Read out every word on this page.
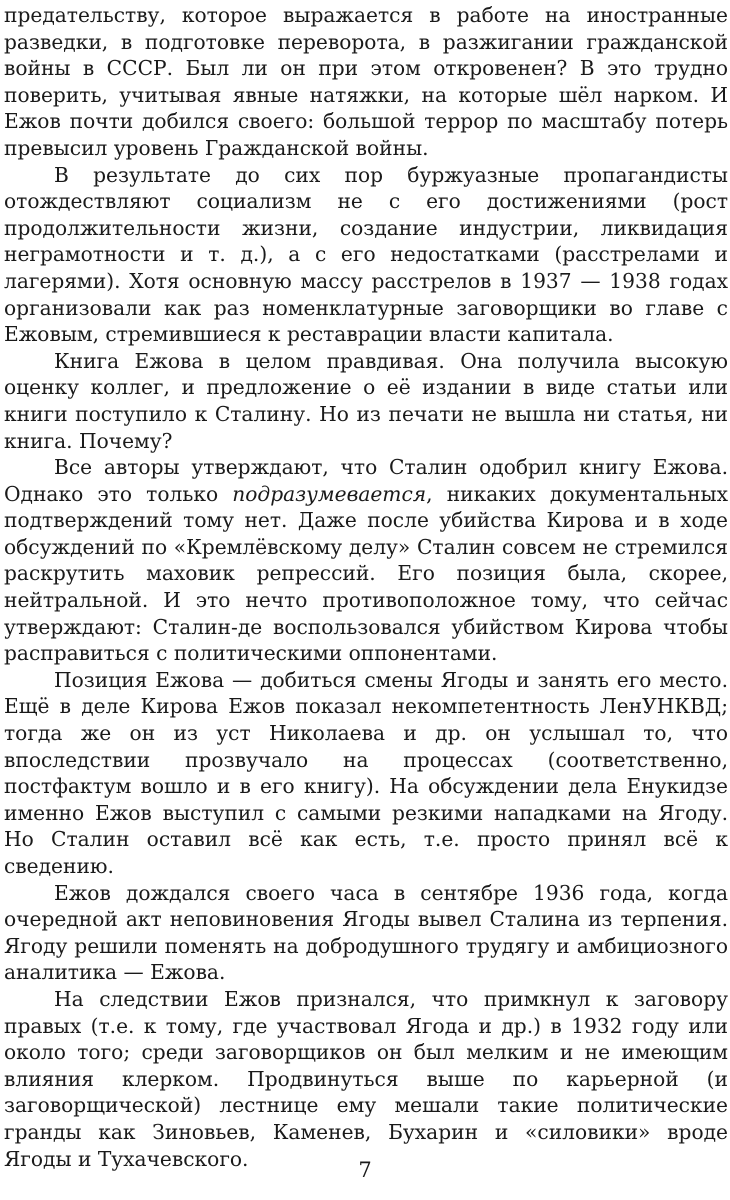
предательству, которое выражается в работе на иностранные разведки, в подготовке переворота, в разжигании гражданской войны в СССР. Был ли он при этом откровенен? В это трудно поверить, учитывая явные натяжки, на которые шёл нарком. И Ежов почти добился своего: большой террор по масштабу потерь превысил уровень Гражданской войны.

В результате до сих пор буржуазные пропагандисты отождествляют социализм не с его достижениями (рост продолжительности жизни, создание индустрии, ликвидация неграмотности и т. д.), а с его недостатками (расстрелами и лагерями). Хотя основную массу расстрелов в 1937 — 1938 годах организовали как раз номенклатурные заговорщики во главе с Ежовым, стремившиеся к реставрации власти капитала.

Книга Ежова в целом правдивая. Она получила высокую оценку коллег, и предложение о её издании в виде статьи или книги поступило к Сталину. Но из печати не вышла ни статья, ни книга. Почему?

Все авторы утверждают, что Сталин одобрил книгу Ежова. Однако это только подразумевается, никаких документальных подтверждений тому нет. Даже после убийства Кирова и в ходе обсуждений по «Кремлёвскому делу» Сталин совсем не стремился раскрутить маховик репрессий. Его позиция была, скорее, нейтральной. И это нечто противоположное тому, что сейчас утверждают: Сталин-де воспользовался убийством Кирова чтобы расправиться с политическими оппонентами.

Позиция Ежова — добиться смены Ягоды и занять его место. Ещё в деле Кирова Ежов показал некомпетентность ЛенУНКВД; тогда же он из уст Николаева и др. он услышал то, что впоследствии прозвучало на процессах (соответственно, постфактум вошло и в его книгу). На обсуждении дела Енукидзе именно Ежов выступил с самыми резкими нападками на Ягоду. Но Сталин оставил всё как есть, т.е. просто принял всё к сведению.

Ежов дождался своего часа в сентябре 1936 года, когда очередной акт неповиновения Ягоды вывел Сталина из терпения. Ягоду решили поменять на добродушного трудягу и амбициозного аналитика — Ежова.

На следствии Ежов признался, что примкнул к заговору правых (т.е. к тому, где участвовал Ягода и др.) в 1932 году или около того; среди заговорщиков он был мелким и не имеющим влияния клерком. Продвинуться выше по карьерной (и заговорщической) лестнице ему мешали такие политические гранды как Зиновьев, Каменев, Бухарин и «силовики» вроде Ягоды и Тухачевского.	7
